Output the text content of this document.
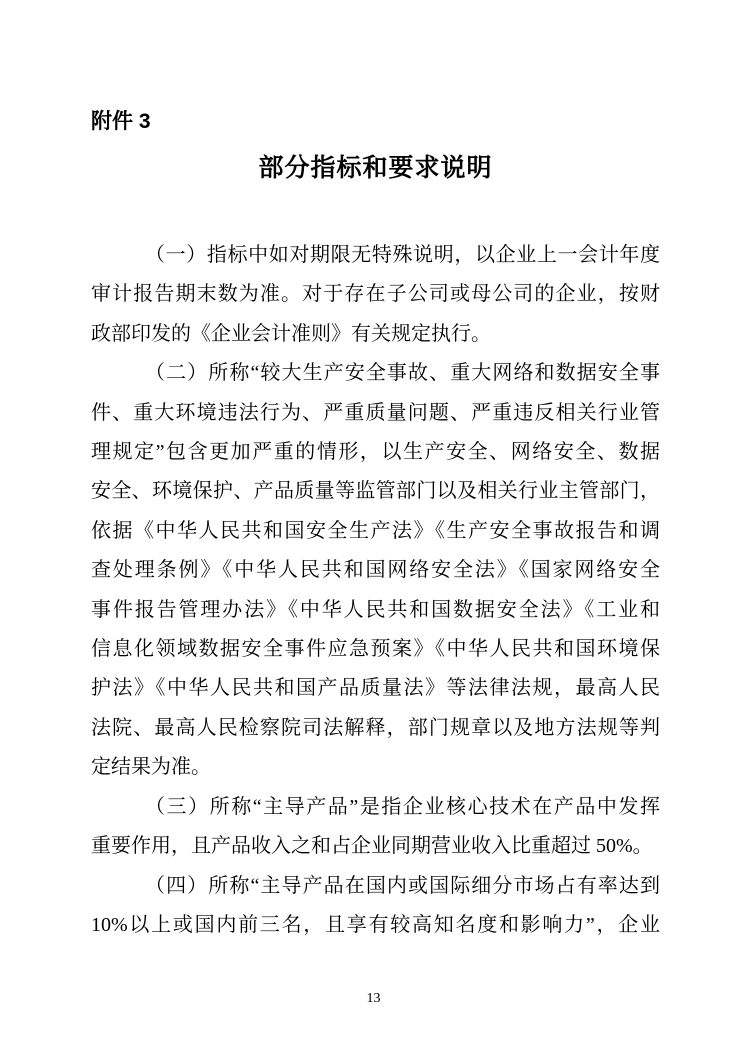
附件 3
部分指标和要求说明
（一）指标中如对期限无特殊说明，以企业上一会计年度
审计报告期末数为准。对于存在子公司或母公司的企业，按财
政部印发的《企业会计准则》有关规定执行。
（二）所称“较大生产安全事故、重大网络和数据安全事
件、重大环境违法行为、严重质量问题、严重违反相关行业管
理规定”包含更加严重的情形，以生产安全、网络安全、数据
安全、环境保护、产品质量等监管部门以及相关行业主管部门，
依据《中华人民共和国安全生产法》《生产安全事故报告和调
查处理条例》《中华人民共和国网络安全法》《国家网络安全
事件报告管理办法》《中华人民共和国数据安全法》《工业和
信息化领域数据安全事件应急预案》《中华人民共和国环境保
护法》《中华人民共和国产品质量法》等法律法规，最高人民
法院、最高人民检察院司法解释，部门规章以及地方法规等判
定结果为准。
（三）所称“主导产品”是指企业核心技术在产品中发挥
重要作用，且产品收入之和占企业同期营业收入比重超过 50%。
（四）所称“主导产品在国内或国际细分市场占有率达到
10%以上或国内前三名，且享有较高知名度和影响力”，企业
13
